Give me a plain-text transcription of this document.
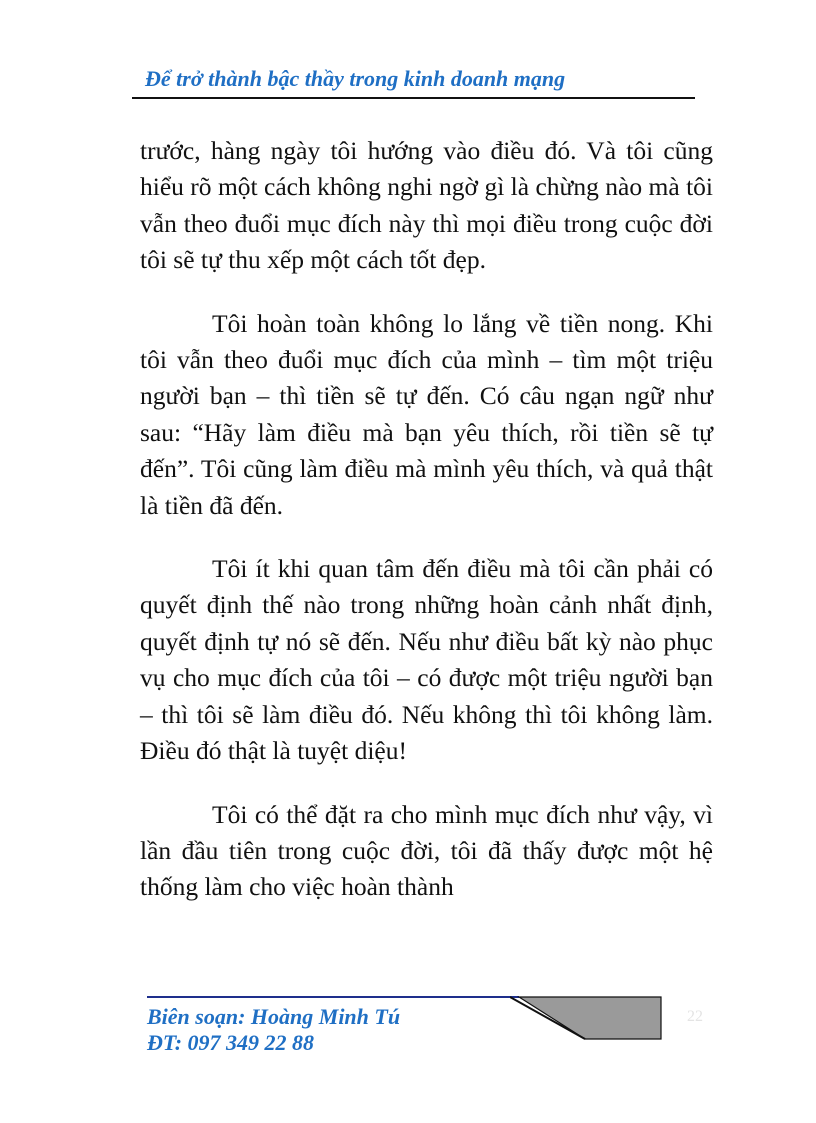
Để trở thành bậc thầy trong kinh doanh mạng

trước, hàng ngày tôi hướng vào điều đó. Và tôi cũng hiểu rõ một cách không nghi ngờ gì là chừng nào mà tôi vẫn theo đuổi mục đích này thì mọi điều trong cuộc đời tôi sẽ tự thu xếp một cách tốt đẹp.

Tôi hoàn toàn không lo lắng về tiền nong. Khi tôi vẫn theo đuổi mục đích của mình – tìm một triệu người bạn – thì tiền sẽ tự đến. Có câu ngạn ngữ như sau: “Hãy làm điều mà bạn yêu thích, rồi tiền sẽ tự đến”. Tôi cũng làm điều mà mình yêu thích, và quả thật là tiền đã đến.

Tôi ít khi quan tâm đến điều mà tôi cần phải có quyết định thế nào trong những hoàn cảnh nhất định, quyết định tự nó sẽ đến. Nếu như điều bất kỳ nào phục vụ cho mục đích của tôi – có được một triệu người bạn – thì tôi sẽ làm điều đó. Nếu không thì tôi không làm. Điều đó thật là tuyệt diệu!

Tôi có thể đặt ra cho mình mục đích như vậy, vì lần đầu tiên trong cuộc đời, tôi đã thấy được một hệ thống làm cho việc hoàn thành

Biên soạn: Hoàng Minh Tú
ĐT: 097 349 22 88
22
